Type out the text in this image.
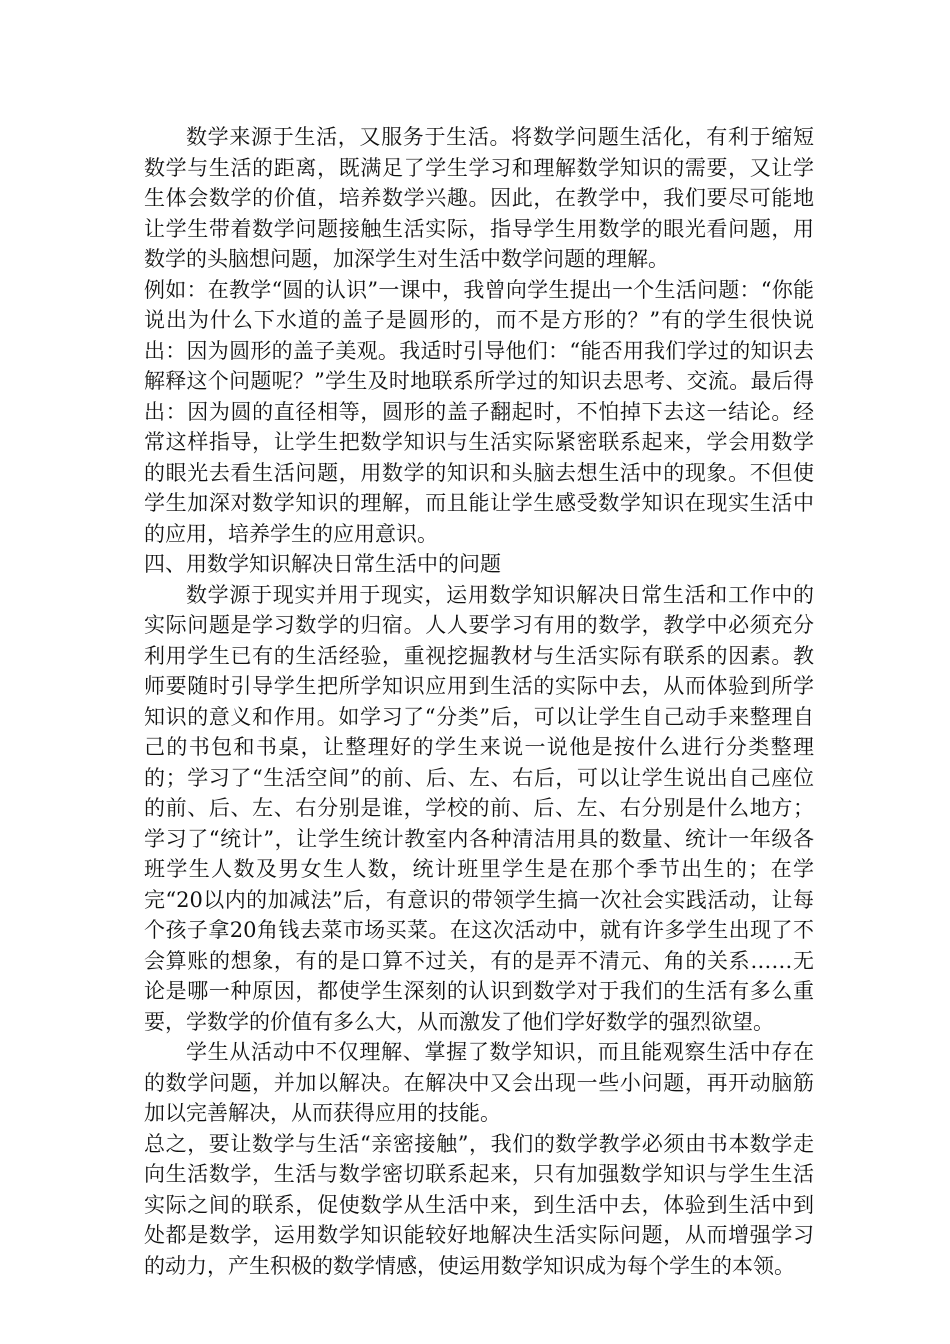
数学来源于生活，又服务于生活。将数学问题生活化，有利于缩短数学与生活的距离，既满足了学生学习和理解数学知识的需要，又让学生体会数学的价值，培养数学兴趣。因此，在教学中，我们要尽可能地让学生带着数学问题接触生活实际，指导学生用数学的眼光看问题，用数学的头脑想问题，加深学生对生活中数学问题的理解。

例如：在教学“圆的认识”一课中，我曾向学生提出一个生活问题：“你能说出为什么下水道的盖子是圆形的，而不是方形的？”有的学生很快说出：因为圆形的盖子美观。我适时引导他们：“能否用我们学过的知识去解释这个问题呢？”学生及时地联系所学过的知识去思考、交流。最后得出：因为圆的直径相等，圆形的盖子翻起时，不怕掉下去这一结论。经常这样指导，让学生把数学知识与生活实际紧密联系起来，学会用数学的眼光去看生活问题，用数学的知识和头脑去想生活中的现象。不但使学生加深对数学知识的理解，而且能让学生感受数学知识在现实生活中的应用，培养学生的应用意识。

四、用数学知识解决日常生活中的问题

数学源于现实并用于现实，运用数学知识解决日常生活和工作中的实际问题是学习数学的归宿。人人要学习有用的数学，教学中必须充分利用学生已有的生活经验，重视挖掘教材与生活实际有联系的因素。教师要随时引导学生把所学知识应用到生活的实际中去，从而体验到所学知识的意义和作用。如学习了“分类”后，可以让学生自己动手来整理自己的书包和书桌，让整理好的学生来说一说他是按什么进行分类整理的；学习了“生活空间”的前、后、左、右后，可以让学生说出自己座位的前、后、左、右分别是谁，学校的前、后、左、右分别是什么地方；学习了“统计”，让学生统计教室内各种清洁用具的数量、统计一年级各班学生人数及男女生人数，统计班里学生是在那个季节出生的；在学完“20以内的加减法”后，有意识的带领学生搞一次社会实践活动，让每个孩子拿20角钱去菜市场买菜。在这次活动中，就有许多学生出现了不会算账的想象，有的是口算不过关，有的是弄不清元、角的关系……无论是哪一种原因，都使学生深刻的认识到数学对于我们的生活有多么重要，学数学的价值有多么大，从而激发了他们学好数学的强烈欲望。

学生从活动中不仅理解、掌握了数学知识，而且能观察生活中存在的数学问题，并加以解决。在解决中又会出现一些小问题，再开动脑筋加以完善解决，从而获得应用的技能。

总之，要让数学与生活“亲密接触”，我们的数学教学必须由书本数学走向生活数学，生活与数学密切联系起来，只有加强数学知识与学生生活实际之间的联系，促使数学从生活中来，到生活中去，体验到生活中到处都是数学，运用数学知识能较好地解决生活实际问题，从而增强学习的动力，产生积极的数学情感，使运用数学知识成为每个学生的本领。
